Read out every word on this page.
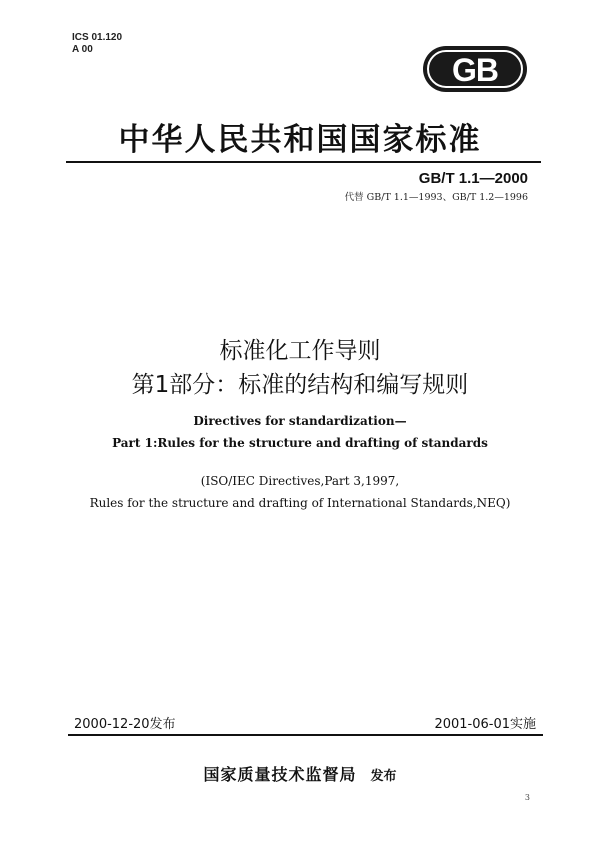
ICS 01.120
A 00
GB
中华人民共和国国家标准
GB/T 1.1—2000
代替 GB/T 1.1—1993、GB/T 1.2—1996
标准化工作导则
第1部分：标准的结构和编写规则
Directives for standardization—
Part 1:Rules for the structure and drafting of standards
(ISO/IEC Directives,Part 3,1997,
Rules for the structure and drafting of International Standards,NEQ)
2000-12-20发布	2001-06-01实施
国家质量技术监督局 发布
3
